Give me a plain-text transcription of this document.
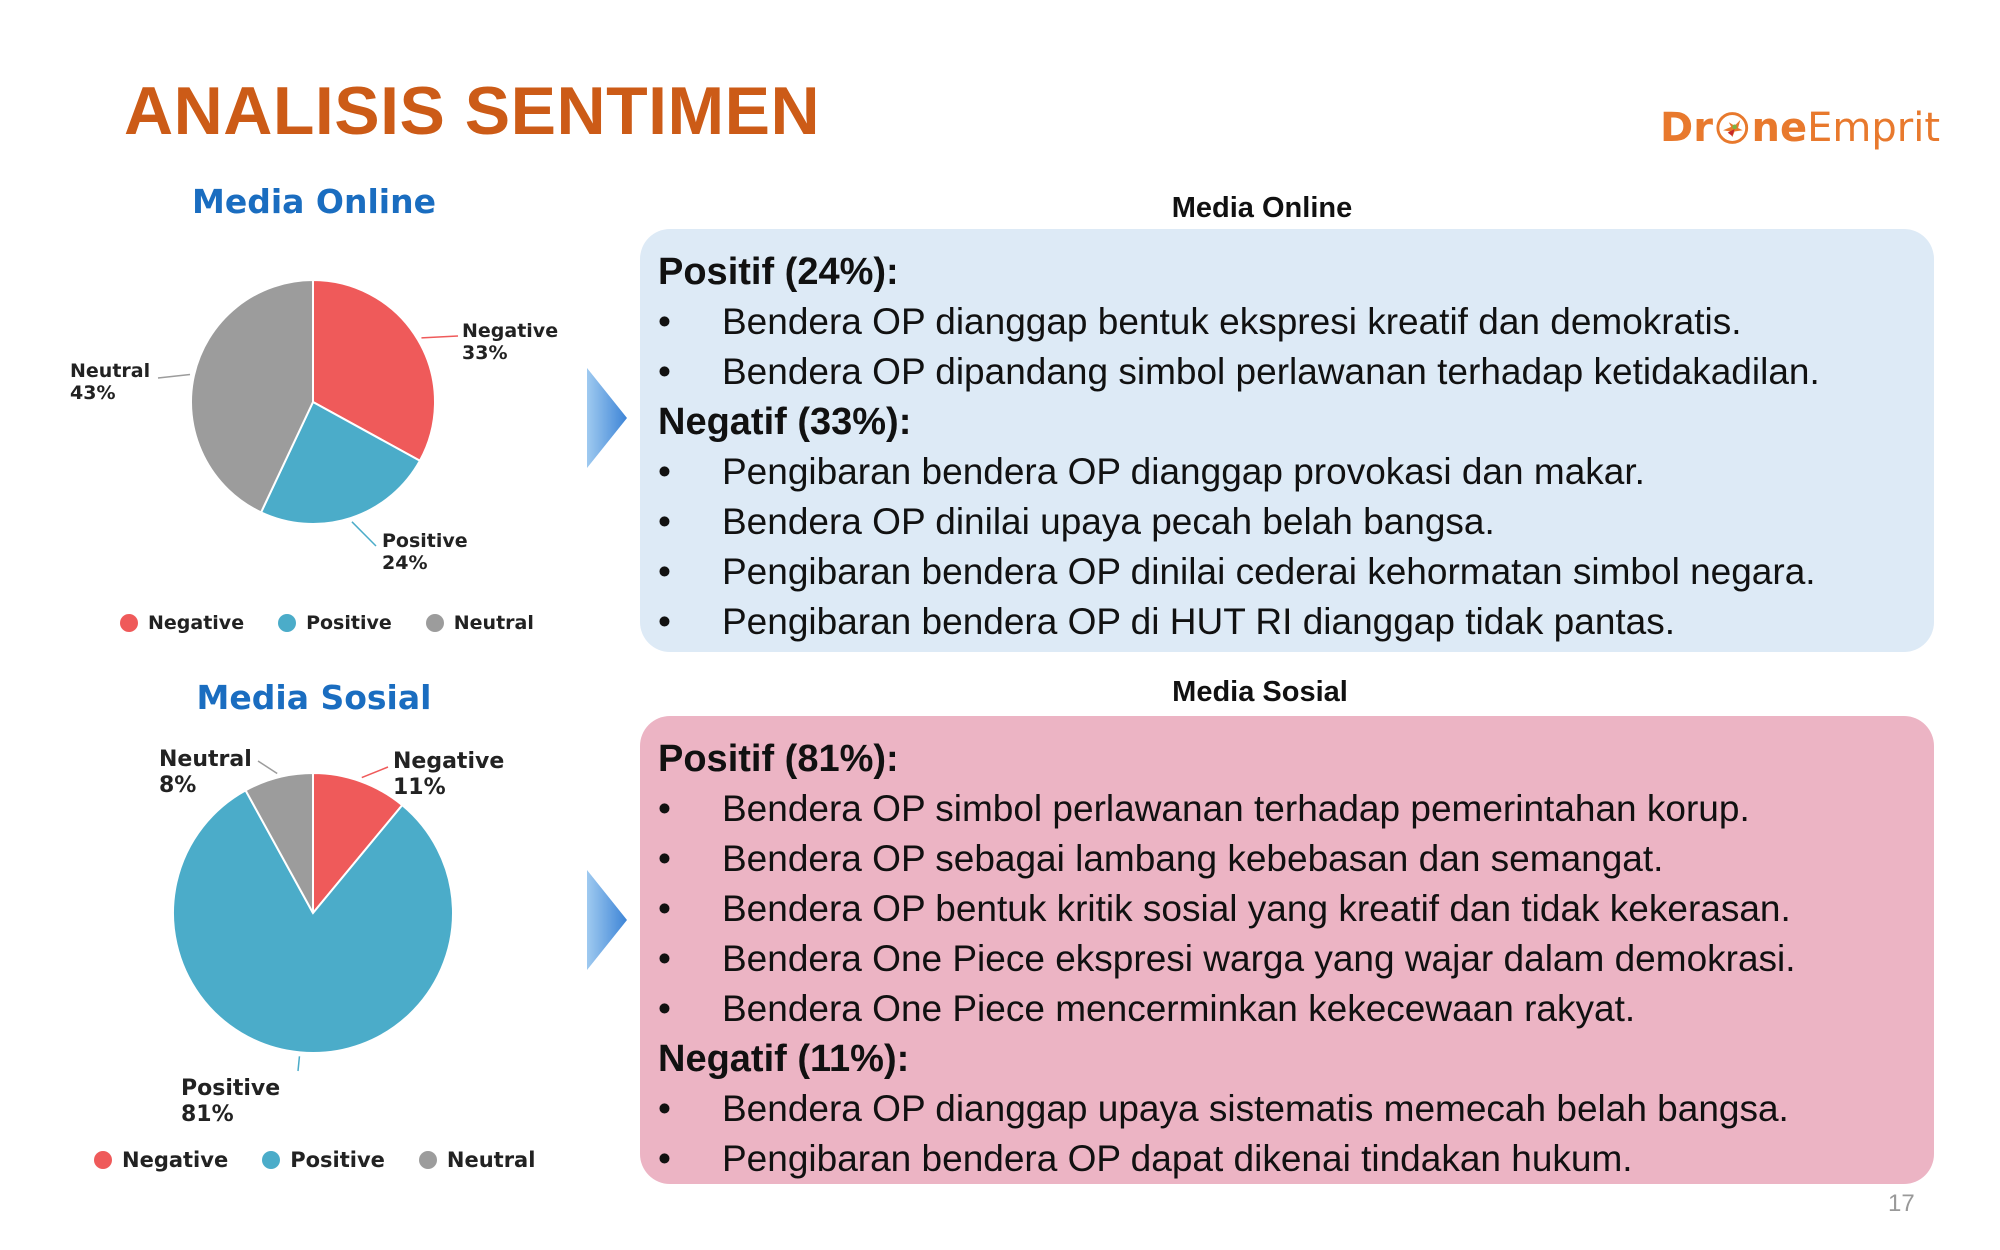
ANALISIS SENTIMEN	Dr ne Emprit
Media Online
Negative
33%
Positive
24%
Neutral
43%
Negative	Positive	Neutral
Media Sosial
Negative
11%
Positive
81%
Neutral
8%
Negative	Positive	Neutral
Media Online
Media Sosial
Positif (24%):
•	Bendera OP dianggap bentuk ekspresi kreatif dan demokratis.
•	Bendera OP dipandang simbol perlawanan terhadap ketidakadilan.
Negatif (33%):
•	Pengibaran bendera OP dianggap provokasi dan makar.
•	Bendera OP dinilai upaya pecah belah bangsa.
•	Pengibaran bendera OP dinilai cederai kehormatan simbol negara.
•	Pengibaran bendera OP di HUT RI dianggap tidak pantas.
Positif (81%):
•	Bendera OP simbol perlawanan terhadap pemerintahan korup.
•	Bendera OP sebagai lambang kebebasan dan semangat.
•	Bendera OP bentuk kritik sosial yang kreatif dan tidak kekerasan.
•	Bendera One Piece ekspresi warga yang wajar dalam demokrasi.
•	Bendera One Piece mencerminkan kekecewaan rakyat.
Negatif (11%):
•	Bendera OP dianggap upaya sistematis memecah belah bangsa.
•	Pengibaran bendera OP dapat dikenai tindakan hukum.
17
